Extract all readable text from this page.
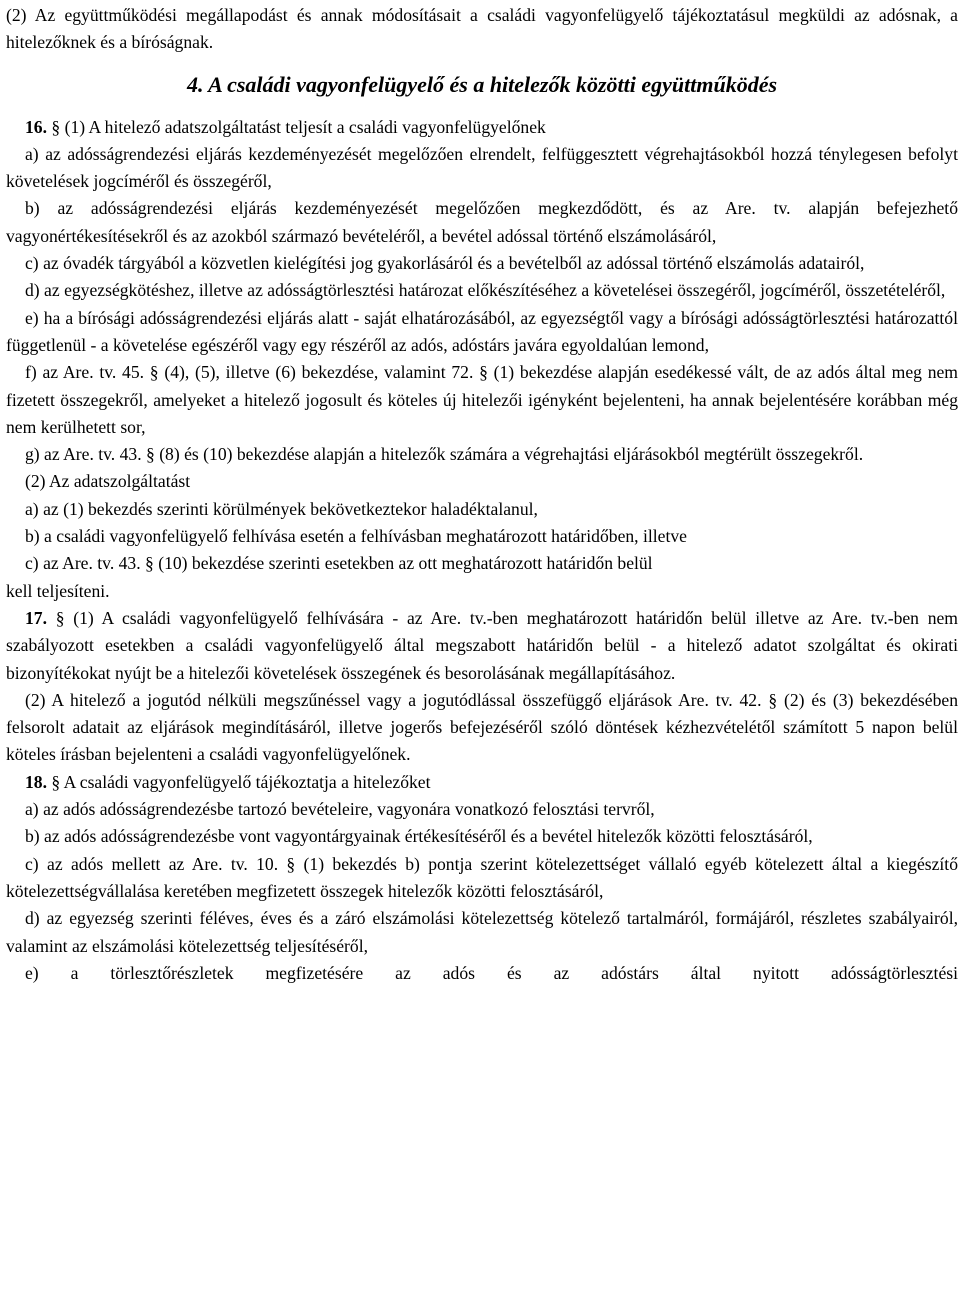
(2) Az együttműködési megállapodást és annak módosításait a családi vagyonfelügyelő tájékoztatásul megküldi az adósnak, a hitelezőknek és a bíróságnak.

4. A családi vagyonfelügyelő és a hitelezők közötti együttműködés

16. § (1) A hitelező adatszolgáltatást teljesít a családi vagyonfelügyelőnek

a) az adósságrendezési eljárás kezdeményezését megelőzően elrendelt, felfüggesztett végrehajtásokból hozzá ténylegesen befolyt követelések jogcíméről és összegéről,

b) az adósságrendezési eljárás kezdeményezését megelőzően megkezdődött, és az Are. tv. alapján befejezhető vagyonértékesítésekről és az azokból származó bevételéről, a bevétel adóssal történő elszámolásáról,

c) az óvadék tárgyából a közvetlen kielégítési jog gyakorlásáról és a bevételből az adóssal történő elszámolás adatairól,

d) az egyezségkötéshez, illetve az adósságtörlesztési határozat előkészítéséhez a követelései összegéről, jogcíméről, összetételéről,

e) ha a bírósági adósságrendezési eljárás alatt - saját elhatározásából, az egyezségtől vagy a bírósági adósságtörlesztési határozattól függetlenül - a követelése egészéről vagy egy részéről az adós, adóstárs javára egyoldalúan lemond,

f) az Are. tv. 45. § (4), (5), illetve (6) bekezdése, valamint 72. § (1) bekezdése alapján esedékessé vált, de az adós által meg nem fizetett összegekről, amelyeket a hitelező jogosult és köteles új hitelezői igényként bejelenteni, ha annak bejelentésére korábban még nem kerülhetett sor,

g) az Are. tv. 43. § (8) és (10) bekezdése alapján a hitelezők számára a végrehajtási eljárásokból megtérült összegekről.

(2) Az adatszolgáltatást

a) az (1) bekezdés szerinti körülmények bekövetkeztekor haladéktalanul,

b) a családi vagyonfelügyelő felhívása esetén a felhívásban meghatározott határidőben, illetve

c) az Are. tv. 43. § (10) bekezdése szerinti esetekben az ott meghatározott határidőn belül

kell teljesíteni.

17. § (1) A családi vagyonfelügyelő felhívására - az Are. tv.-ben meghatározott határidőn belül illetve az Are. tv.-ben nem szabályozott esetekben a családi vagyonfelügyelő által megszabott határidőn belül - a hitelező adatot szolgáltat és okirati bizonyítékokat nyújt be a hitelezői követelések összegének és besorolásának megállapításához.

(2) A hitelező a jogutód nélküli megszűnéssel vagy a jogutódlással összefüggő eljárások Are. tv. 42. § (2) és (3) bekezdésében felsorolt adatait az eljárások megindításáról, illetve jogerős befejezéséről szóló döntések kézhezvételétől számított 5 napon belül köteles írásban bejelenteni a családi vagyonfelügyelőnek.

18. § A családi vagyonfelügyelő tájékoztatja a hitelezőket

a) az adós adósságrendezésbe tartozó bevételeire, vagyonára vonatkozó felosztási tervről,

b) az adós adósságrendezésbe vont vagyontárgyainak értékesítéséről és a bevétel hitelezők közötti felosztásáról,

c) az adós mellett az Are. tv. 10. § (1) bekezdés b) pontja szerint kötelezettséget vállaló egyéb kötelezett által a kiegészítő kötelezettségvállalása keretében megfizetett összegek hitelezők közötti felosztásáról,

d) az egyezség szerinti féléves, éves és a záró elszámolási kötelezettség kötelező tartalmáról, formájáról, részletes szabályairól, valamint az elszámolási kötelezettség teljesítéséről,

e) a törlesztőrészletek megfizetésére az adós és az adóstárs által nyitott adósságtörlesztési
